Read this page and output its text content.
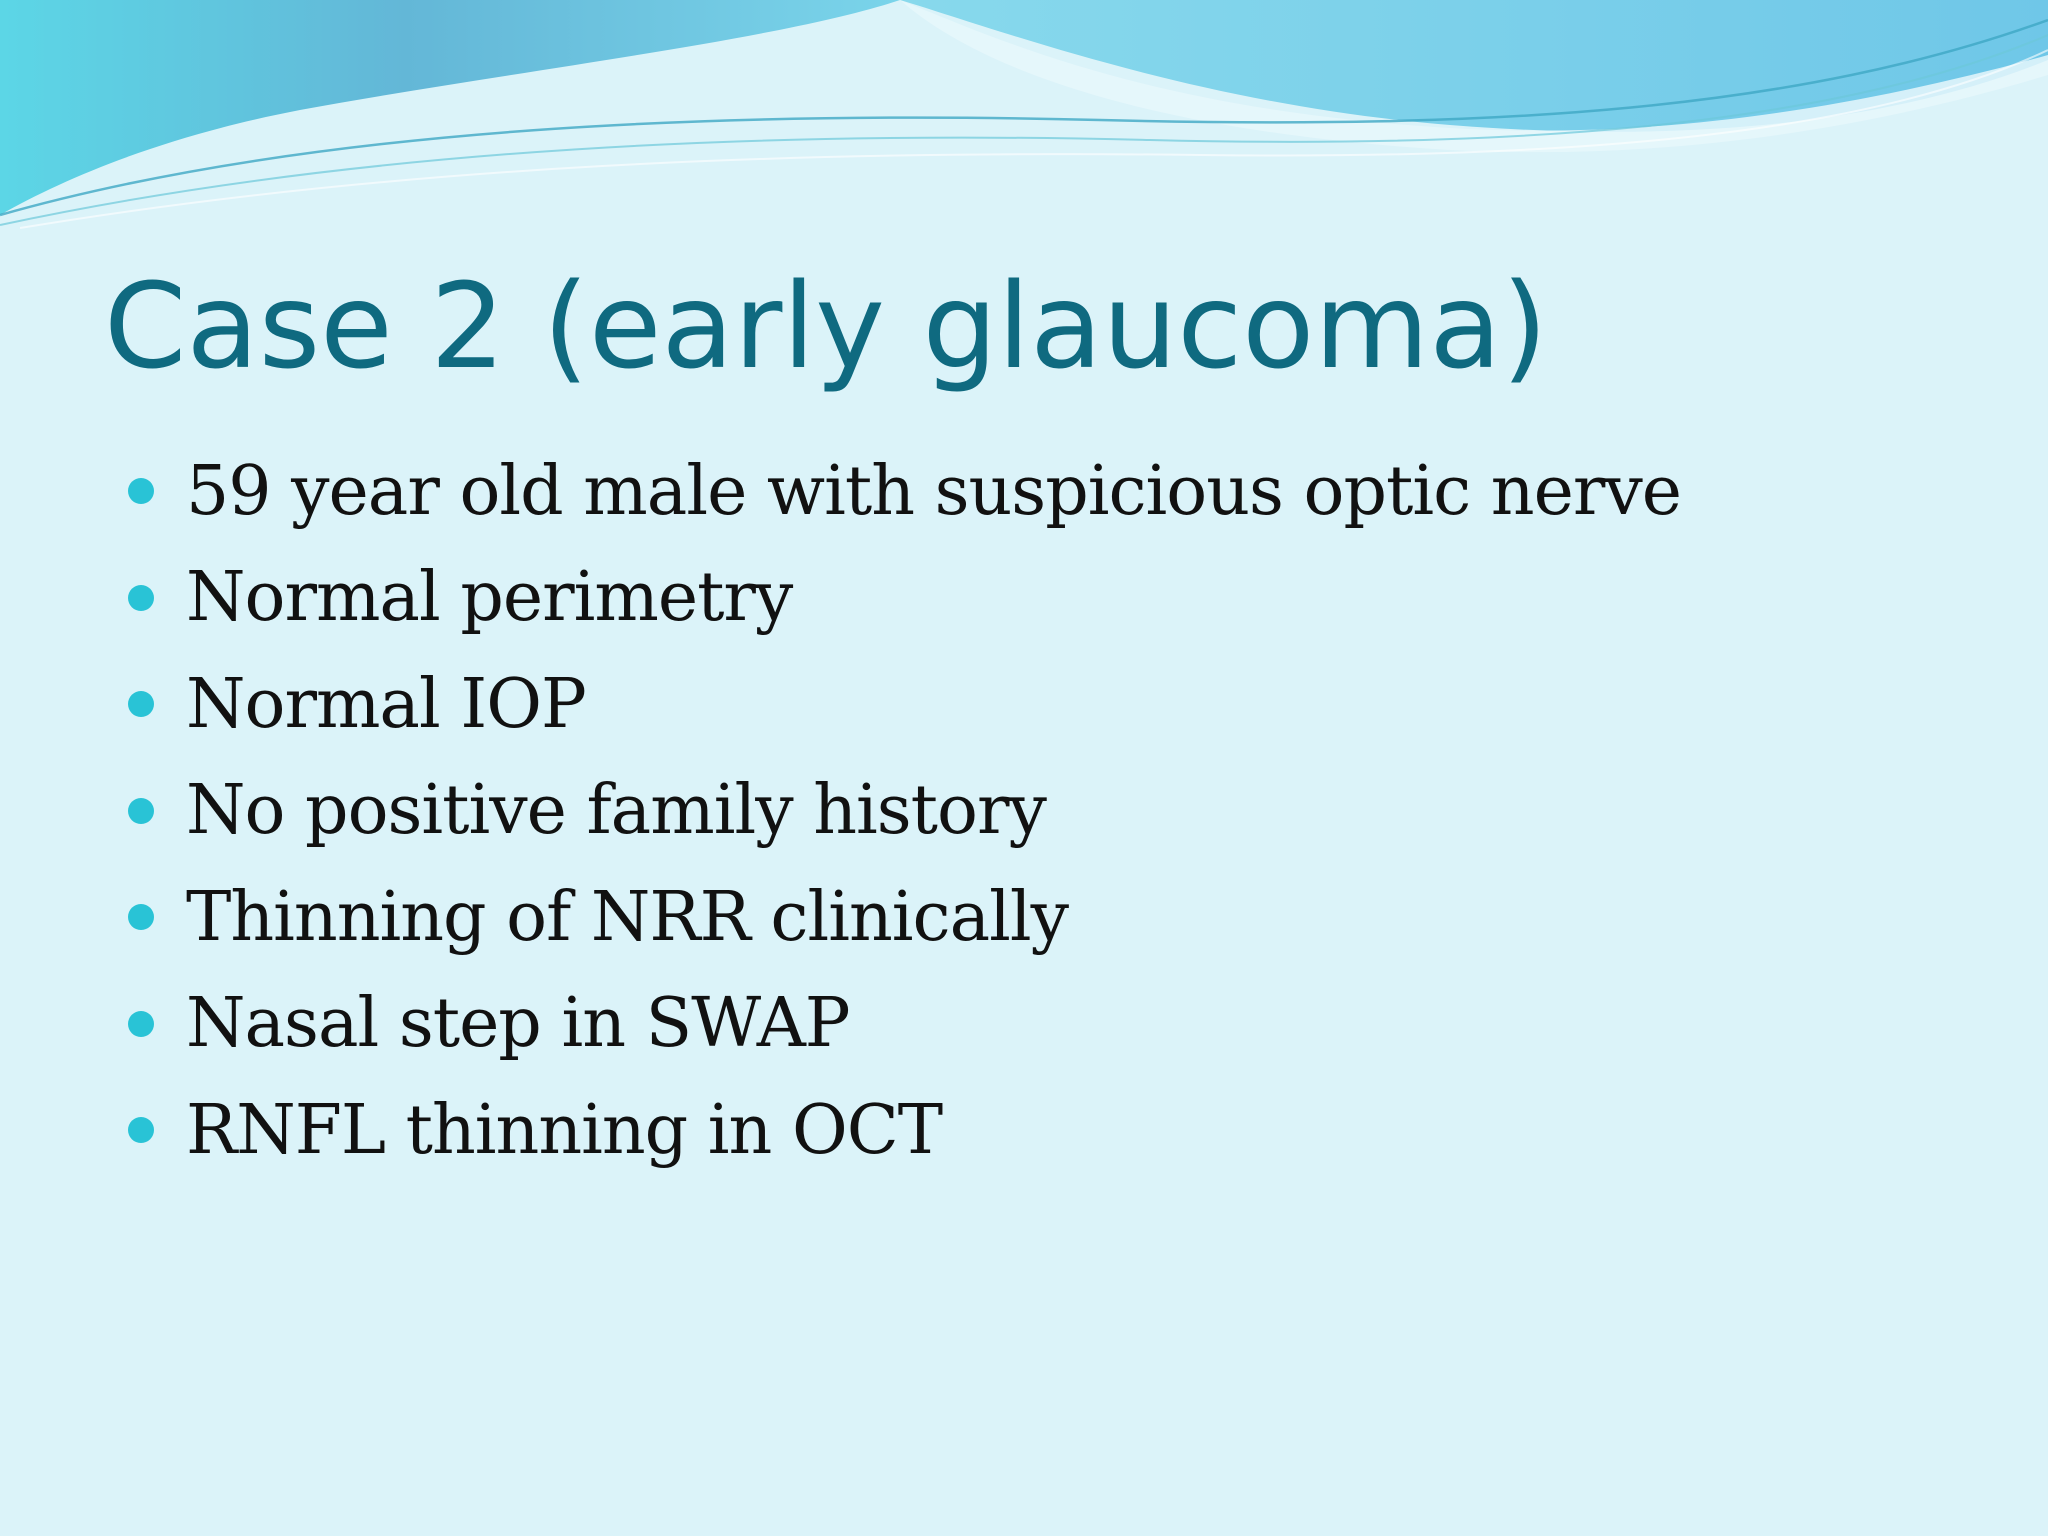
Case 2 (early glaucoma)
59 year old male with suspicious optic nerve
Normal perimetry
Normal IOP
No positive family history
Thinning of NRR clinically
Nasal step in SWAP
RNFL thinning in OCT
